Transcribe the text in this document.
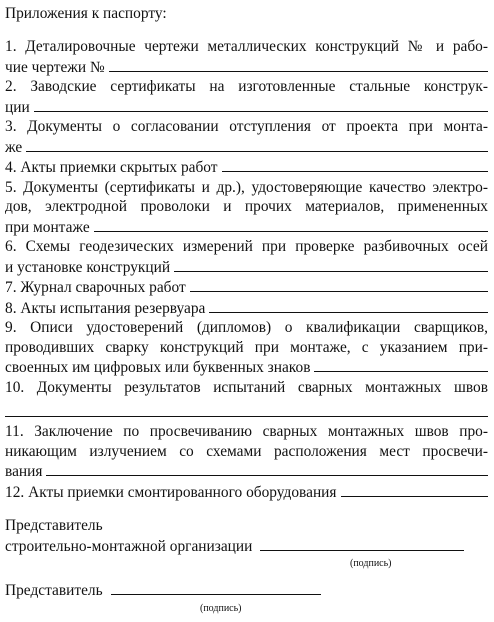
Приложения к паспорту:
1. Деталировочные чертежи металлических конструкций № и рабо-
чие чертежи №
2. Заводские сертификаты на изготовленные стальные конструк-
ции
3. Документы о согласовании отступления от проекта при монта-
же
4. Акты приемки скрытых работ
5. Документы (сертификаты и др.), удостоверяющие качество электро-
дов, электродной проволоки и прочих материалов, примененных
при монтаже
6. Схемы геодезических измерений при проверке разбивочных осей
и установке конструкций
7. Журнал сварочных работ
8. Акты испытания резервуара
9. Описи удостоверений (дипломов) о квалификации сварщиков,
проводивших сварку конструкций при монтаже, с указанием при-
своенных им цифровых или буквенных знаков
10. Документы результатов испытаний сварных монтажных швов
11. Заключение по просвечиванию сварных монтажных швов про-
никающим излучением со схемами расположения мест просвечи-
вания
12. Акты приемки смонтированного оборудования
Представитель
строительно-монтажной организации
(подпись)
Представитель
(подпись)
